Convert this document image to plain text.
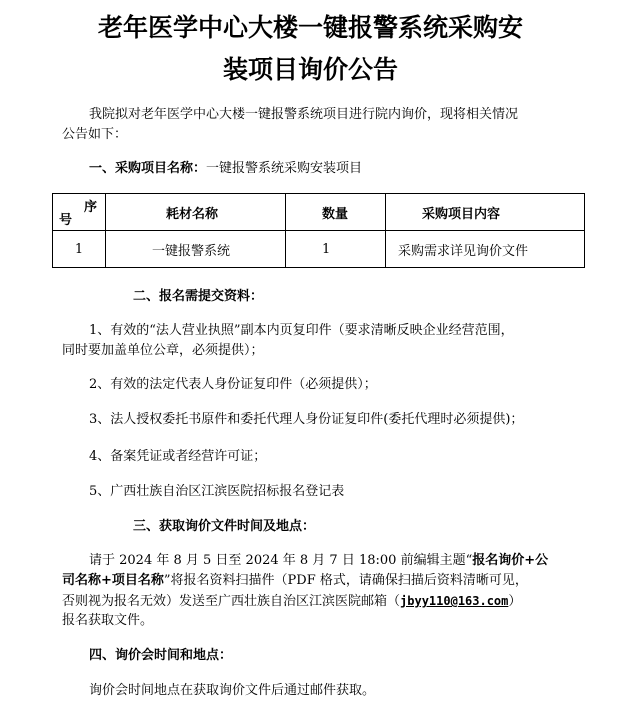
老年医学中心大楼一键报警系统采购安
装项目询价公告
我院拟对老年医学中心大楼一键报警系统项目进行院内询价，现将相关情况
公告如下：
一、采购项目名称：一键报警系统采购安装项目
序
号	耗材名称	数量	采购项目内容
1	一键报警系统	1	采购需求详见询价文件
二、报名需提交资料：
1、有效的“法人营业执照”副本内页复印件（要求清晰反映企业经营范围，
同时要加盖单位公章，必须提供）；
2、有效的法定代表人身份证复印件（必须提供）；
3、法人授权委托书原件和委托代理人身份证复印件(委托代理时必须提供)；
4、备案凭证或者经营许可证；
5、广西壮族自治区江滨医院招标报名登记表
三、获取询价文件时间及地点：
请于 2024 年 8 月 5 日至 2024 年 8 月 7 日 18:00 前编辑主题“报名询价+公
司名称+项目名称”将报名资料扫描件（PDF 格式，请确保扫描后资料清晰可见，
否则视为报名无效）发送至广西壮族自治区江滨医院邮箱（jbyy110@163.com）
报名获取文件。
四、询价会时间和地点：
询价会时间地点在获取询价文件后通过邮件获取。
